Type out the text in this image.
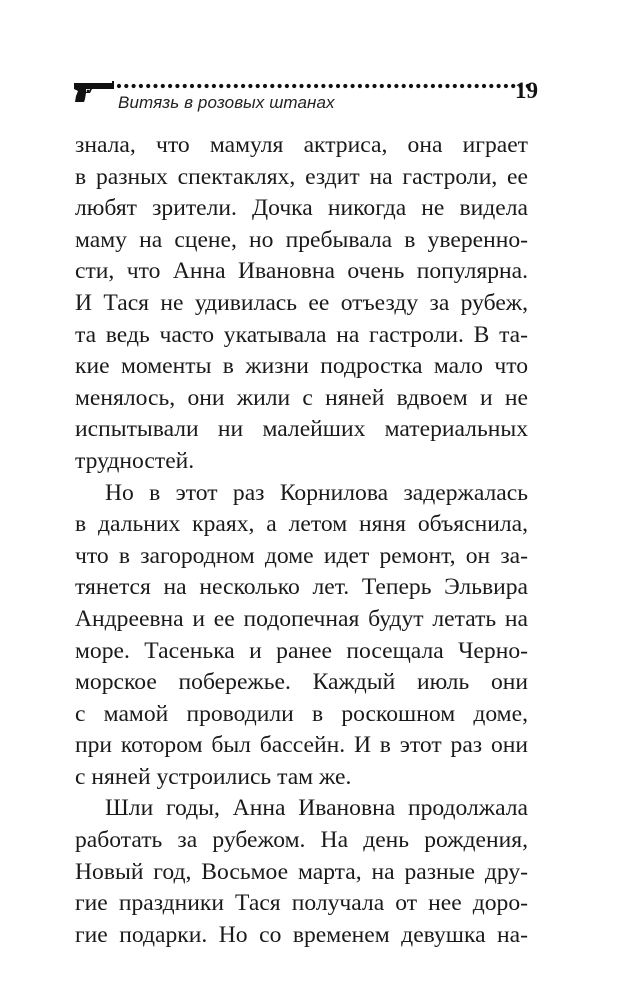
Витязь в розовых штанах	19
знала, что мамуля актриса, она играет
в разных спектаклях, ездит на гастроли, ее
любят зрители. Дочка никогда не видела
маму на сцене, но пребывала в уверенно-
сти, что Анна Ивановна очень популярна.
И Тася не удивилась ее отъезду за рубеж,
та ведь часто укатывала на гастроли. В та-
кие моменты в жизни подростка мало что
менялось, они жили с няней вдвоем и не
испытывали ни малейших материальных
трудностей.
Но в этот раз Корнилова задержалась
в дальних краях, а летом няня объяснила,
что в загородном доме идет ремонт, он за-
тянется на несколько лет. Теперь Эльвира
Андреевна и ее подопечная будут летать на
море. Тасенька и ранее посещала Черно-
морское побережье. Каждый июль они
с мамой проводили в роскошном доме,
при котором был бассейн. И в этот раз они
с няней устроились там же.
Шли годы, Анна Ивановна продолжала
работать за рубежом. На день рождения,
Новый год, Восьмое марта, на разные дру-
гие праздники Тася получала от нее доро-
гие подарки. Но со временем девушка на-
